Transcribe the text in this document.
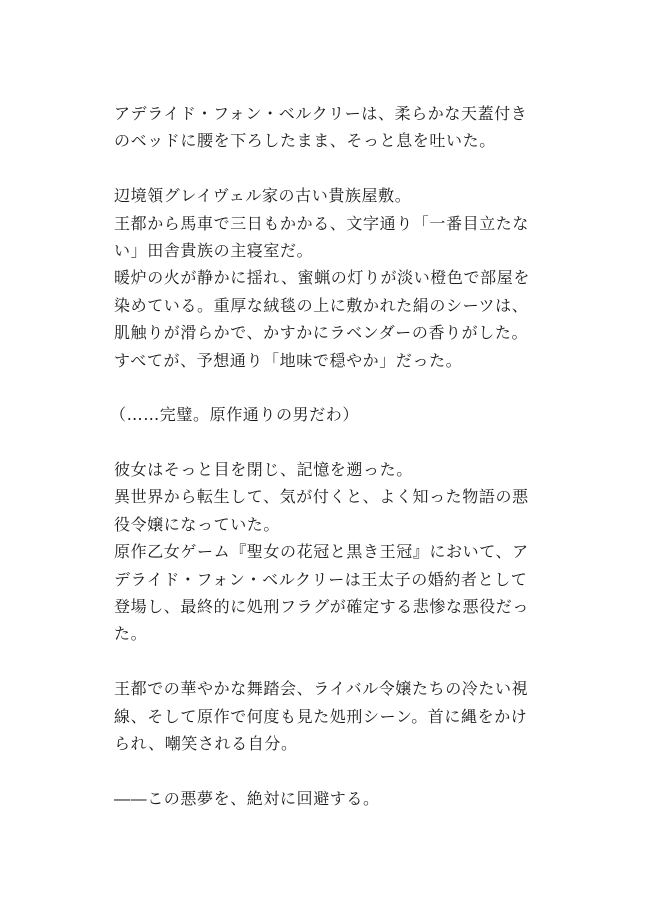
アデライド・フォン・ベルクリーは、柔らかな天蓋付き
のベッドに腰を下ろしたまま、そっと息を吐いた。
辺境領グレイヴェル家の古い貴族屋敷。
王都から馬車で三日もかかる、文字通り「一番目立たな
い」田舎貴族の主寝室だ。
暖炉の火が静かに揺れ、蜜蝋の灯りが淡い橙色で部屋を
染めている。重厚な絨毯の上に敷かれた絹のシーツは、
肌触りが滑らかで、かすかにラベンダーの香りがした。
すべてが、予想通り「地味で穏やか」だった。
（……完璧。原作通りの男だわ）
彼女はそっと目を閉じ、記憶を遡った。
異世界から転生して、気が付くと、よく知った物語の悪
役令嬢になっていた。
原作乙女ゲーム『聖女の花冠と黒き王冠』において、ア
デライド・フォン・ベルクリーは王太子の婚約者として
登場し、最終的に処刑フラグが確定する悲惨な悪役だっ
た。
王都での華やかな舞踏会、ライバル令嬢たちの冷たい視
線、そして原作で何度も見た処刑シーン。首に縄をかけ
られ、嘲笑される自分。
――この悪夢を、絶対に回避する。
